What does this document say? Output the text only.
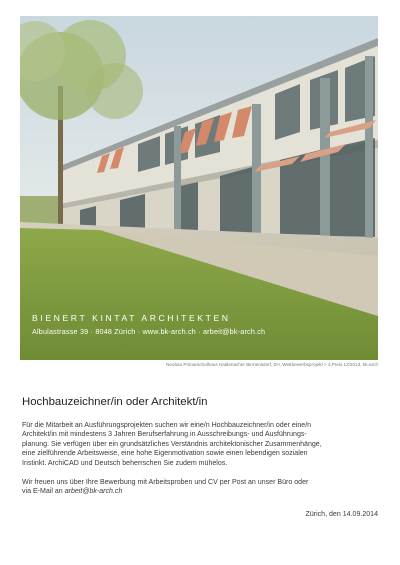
BIENERT KINTAT ARCHITEKTEN
Albulastrasse 39 · 8048 Zürich · www.bk-arch.ch · arbeit@bk-arch.ch
Neubau Primarschulhaus Haldenacher Birmensdorf, ZH, Wettbewerbsprojekt > 3.Preis 12/2013, bk-arch
Hochbauzeichner/in oder Architekt/in
Für die Mitarbeit an Ausführungsprojekten suchen wir eine/n Hochbauzeichner/in oder eine/n
Architekt/in mit mindestens 3 Jahren Berufserfahrung in Ausschreibungs- und Ausführungs-
planung. Sie verfügen über ein grundsätzliches Verständnis architektonischer Zusammenhänge,
eine zielführende Arbeitsweise, eine hohe Eigenmotivation sowie einen lebendigen sozialen
Instinkt. ArchiCAD und Deutsch beherrschen Sie zudem mühelos.
Wir freuen uns über Ihre Bewerbung mit Arbeitsproben und CV per Post an unser Büro oder
via E-Mail an arbeit@bk-arch.ch
Zürich, den 14.09.2014
